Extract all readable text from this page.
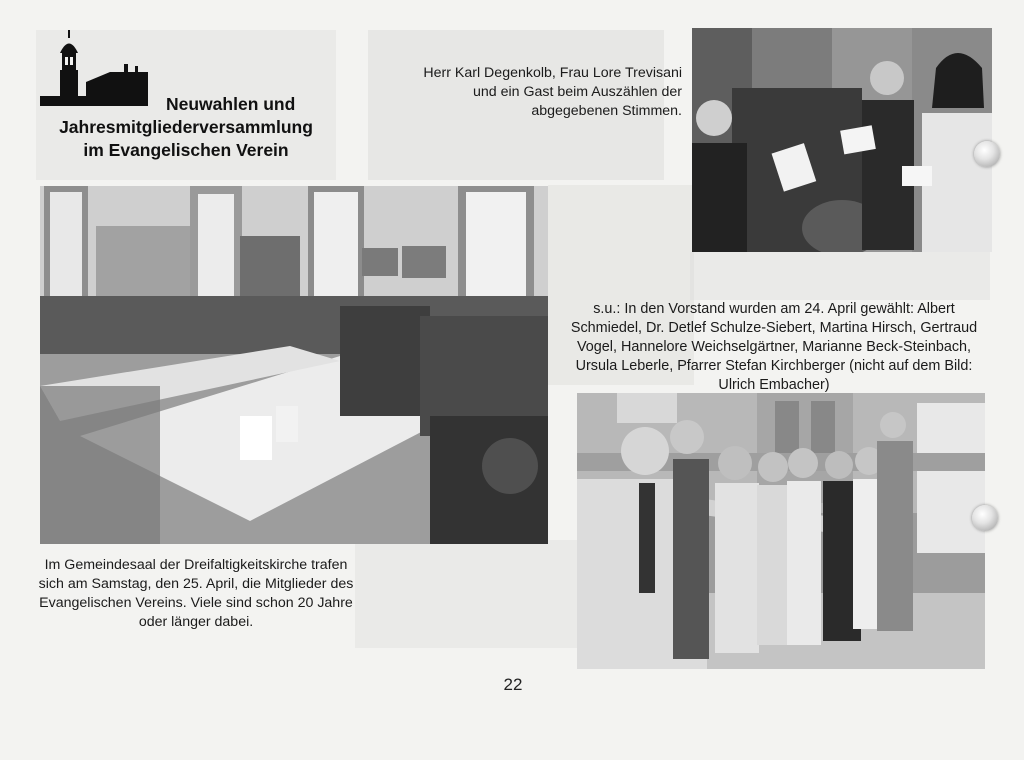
Neuwahlen und
Jahresmitgliederversammlung
im Evangelischen Verein
Herr Karl Degenkolb, Frau Lore Trevisani und ein Gast beim Auszählen der abgegebenen Stimmen.
Im Gemeindesaal der Dreifaltigkeitskirche trafen sich am Samstag, den 25. April, die Mitglieder des Evangelischen Vereins. Viele sind schon 20 Jahre oder länger dabei.
s.u.: In den Vorstand wurden am 24. April gewählt: Albert Schmiedel, Dr. Detlef Schulze-Siebert, Martina Hirsch, Gertraud Vogel, Hannelore Weichselgärtner, Marianne Beck-Steinbach, Ursula Leberle, Pfarrer Stefan Kirchberger (nicht auf dem Bild: Ulrich Embacher)
22
